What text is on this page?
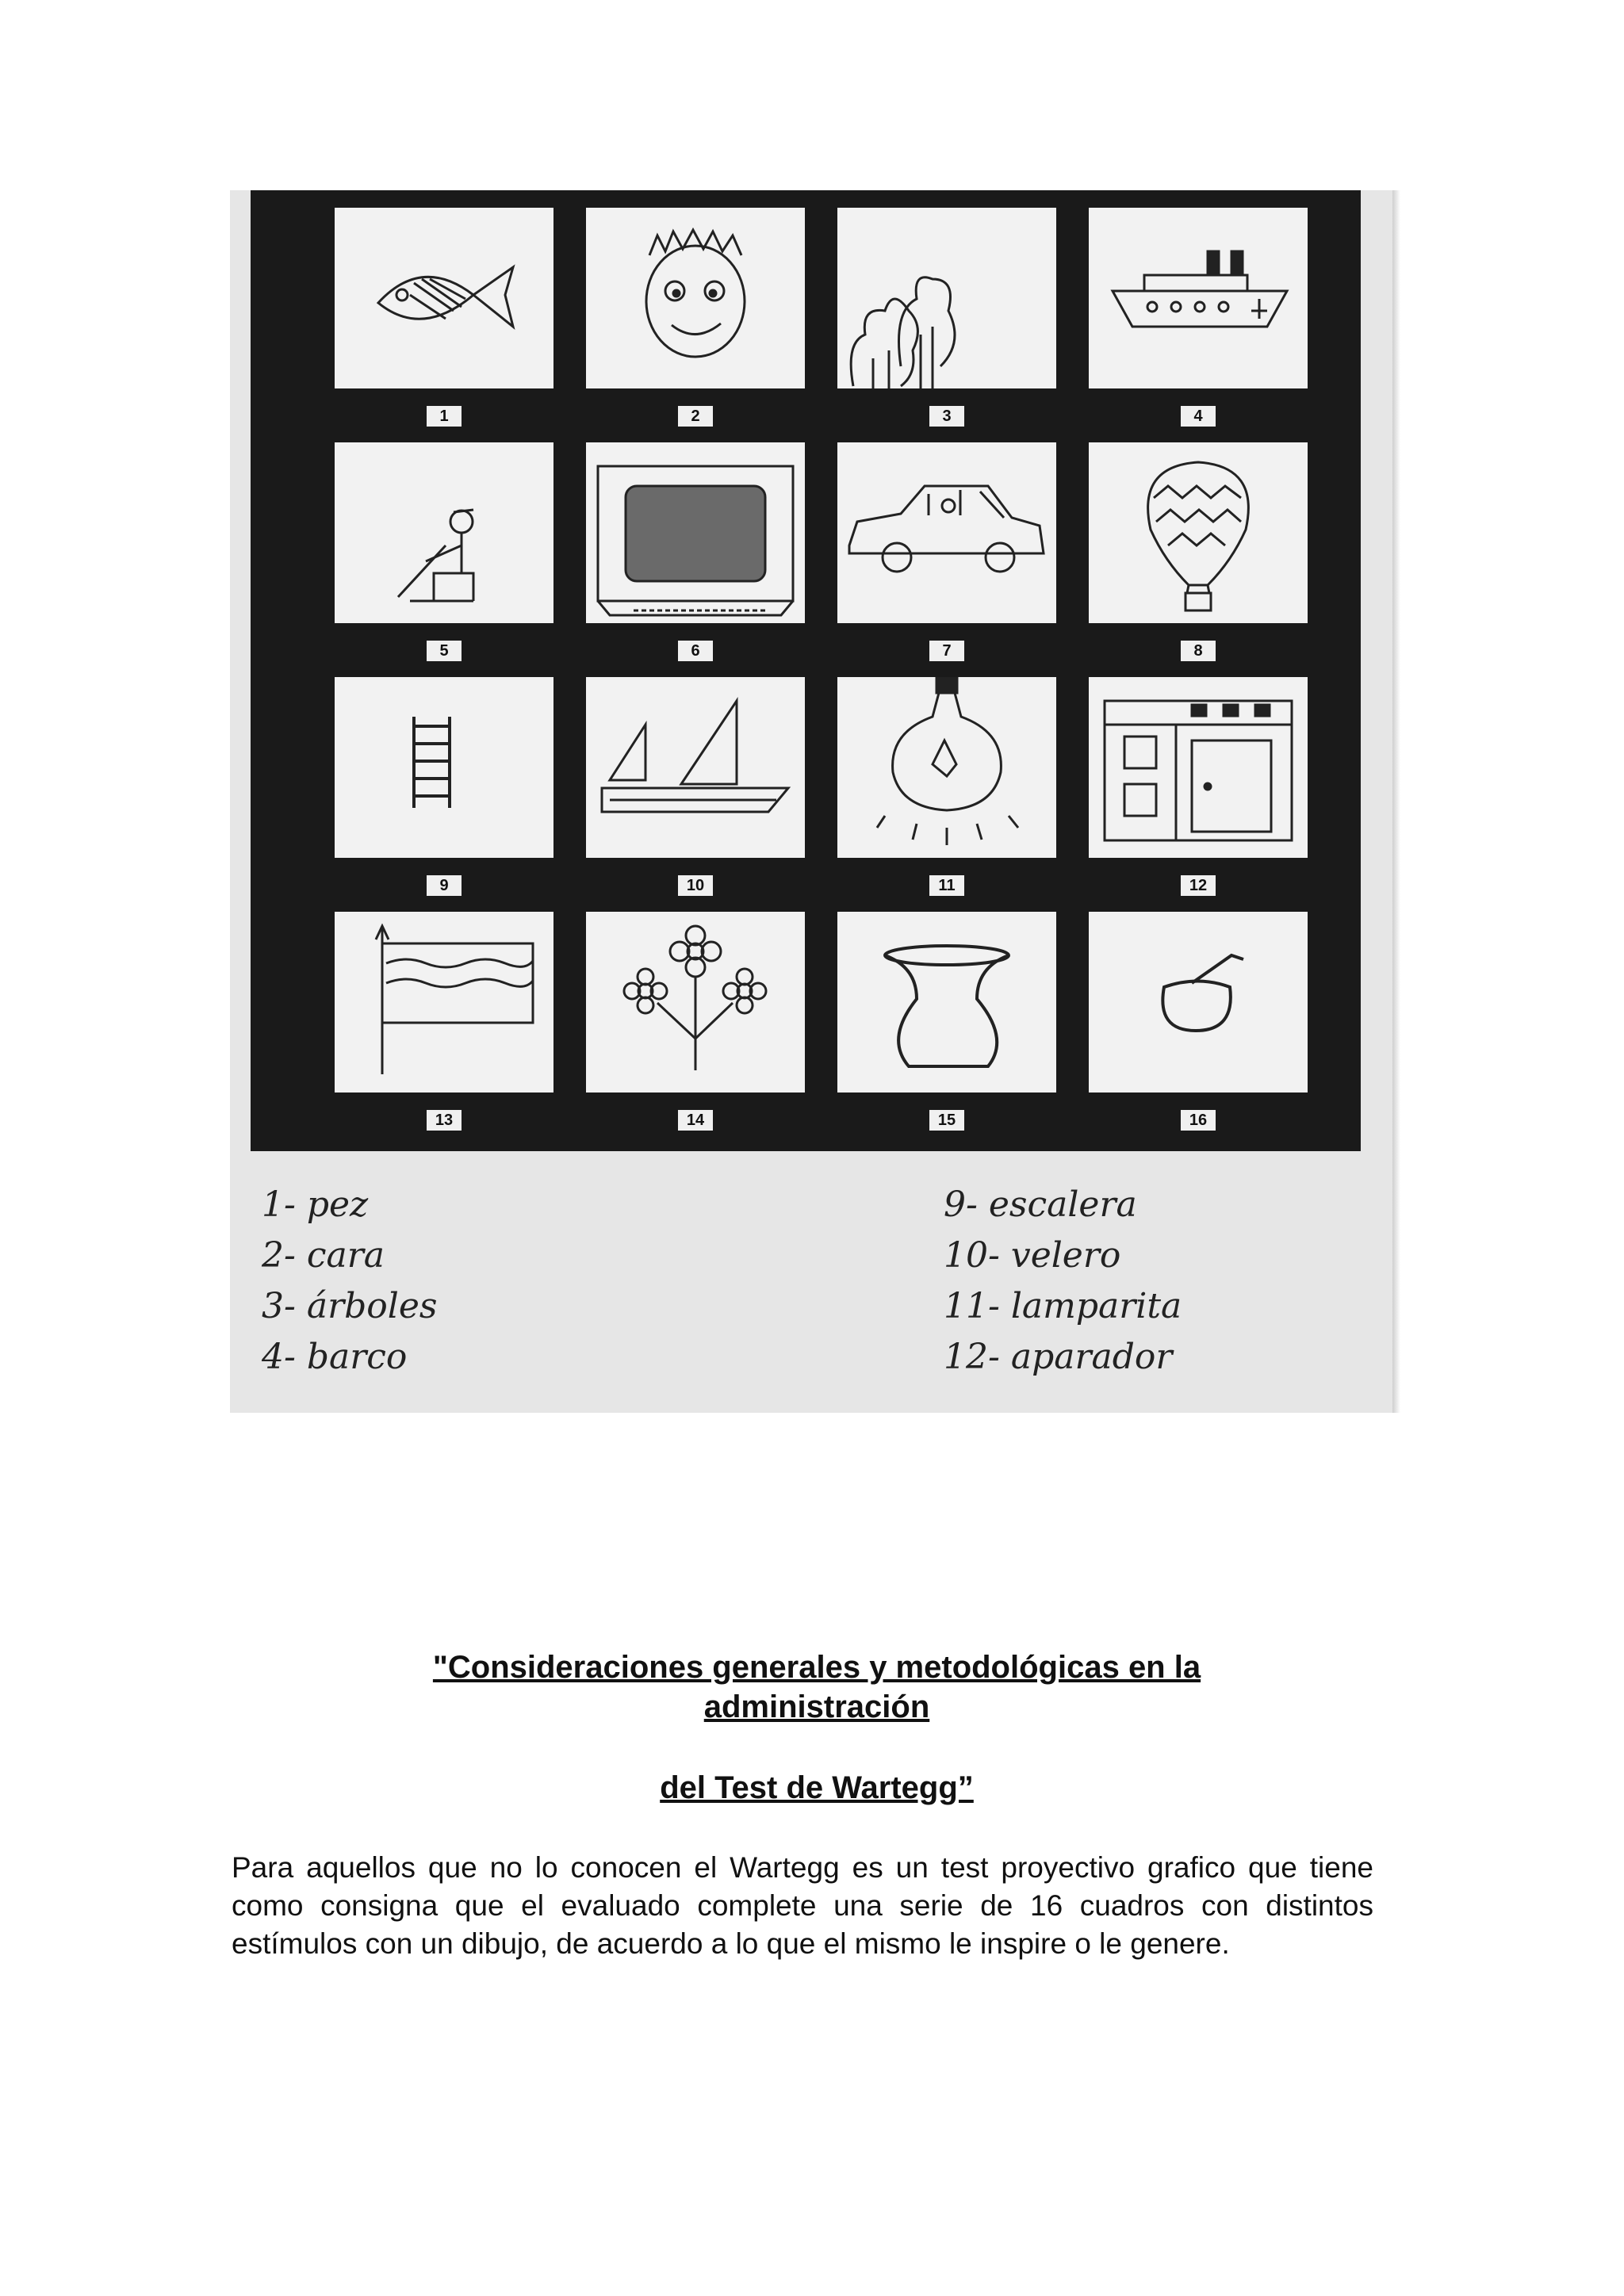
1	2	3	4
5	6	7	8
9	10	11	12
13	14	15	16
1- pez
2- cara
3- árboles
4- barco
9- escalera
10- velero
11- lamparita
12- aparador
"Consideraciones generales y metodológicas en la
administración
del Test de Wartegg”
Para aquellos que no lo conocen el Wartegg es un test proyectivo grafico que tiene como consigna que el evaluado complete una serie de 16 cuadros con distintos estímulos con un dibujo, de acuerdo a lo que el mismo le inspire o le genere.
